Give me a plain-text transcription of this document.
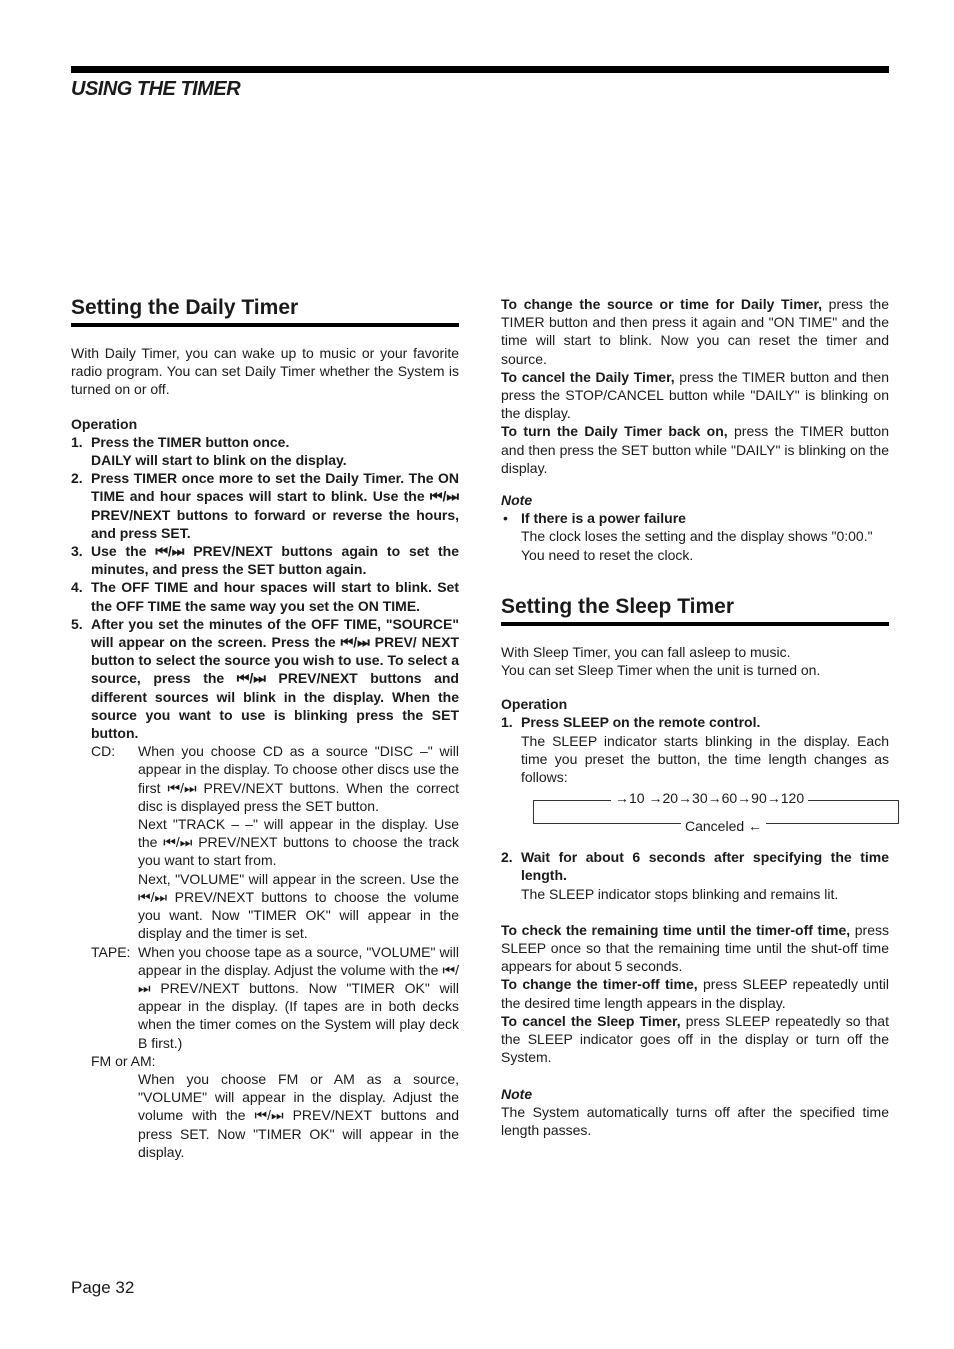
USING THE TIMER
Setting the Daily Timer

With Daily Timer, you can wake up to music or your favorite radio program. You can set Daily Timer whether the System is turned on or off.

Operation

1. Press the TIMER button once.
DAILY will start to blink on the display.
2. Press TIMER once more to set the Daily Timer. The ON TIME and hour spaces will start to blink. Use the ⏮/⏭ PREV/NEXT buttons to forward or reverse the hours, and press SET.
3. Use the ⏮/⏭ PREV/NEXT buttons again to set the minutes, and press the SET button again.
4. The OFF TIME and hour spaces will start to blink. Set the OFF TIME the same way you set the ON TIME.
5. After you set the minutes of the OFF TIME, "SOURCE" will appear on the screen. Press the ⏮/⏭ PREV/ NEXT button to select the source you wish to use. To select a source, press the ⏮/⏭ PREV/NEXT buttons and different sources wil blink in the display. When the source you want to use is blinking press the SET button.
CD:	When you choose CD as a source "DISC –" will appear in the display. To choose other discs use the first ⏮/⏭ PREV/NEXT buttons. When the correct disc is displayed press the SET button.
Next "TRACK – –" will appear in the display. Use the ⏮/⏭ PREV/NEXT buttons to choose the track you want to start from.
Next, "VOLUME" will appear in the screen. Use the ⏮/⏭ PREV/NEXT buttons to choose the volume you want. Now "TIMER OK" will appear in the display and the timer is set.
TAPE: When you choose tape as a source, "VOLUME" will appear in the display. Adjust the volume with the ⏮/⏭ PREV/NEXT buttons. Now "TIMER OK" will appear in the display. (If tapes are in both decks when the timer comes on the System will play deck B first.)
FM or AM:
When you choose FM or AM as a source, "VOLUME" will appear in the display. Adjust the volume with the ⏮/⏭ PREV/NEXT buttons and press SET. Now "TIMER OK" will appear in the display.

To change the source or time for Daily Timer, press the TIMER button and then press it again and "ON TIME" and the time will start to blink. Now you can reset the timer and source.

To cancel the Daily Timer, press the TIMER button and then press the STOP/CANCEL button while "DAILY" is blinking on the display.

To turn the Daily Timer back on, press the TIMER button and then press the SET button while "DAILY" is blinking on the display.

Note

• If there is a power failure
The clock loses the setting and the display shows "0:00." You need to reset the clock.
Setting the Sleep Timer

With Sleep Timer, you can fall asleep to music.

You can set Sleep Timer when the unit is turned on.

Operation

1. Press SLEEP on the remote control.
The SLEEP indicator starts blinking in the display. Each time you preset the button, the time length changes as follows:
→10 →20→30→60→90→120
Canceled ←
2. Wait for about 6 seconds after specifying the time length.
The SLEEP indicator stops blinking and remains lit.

To check the remaining time until the timer-off time, press SLEEP once so that the remaining time until the shut-off time appears for about 5 seconds.

To change the timer-off time, press SLEEP repeatedly until the desired time length appears in the display.

To cancel the Sleep Timer, press SLEEP repeatedly so that the SLEEP indicator goes off in the display or turn off the System.

Note

The System automatically turns off after the specified time length passes.

Page 32
